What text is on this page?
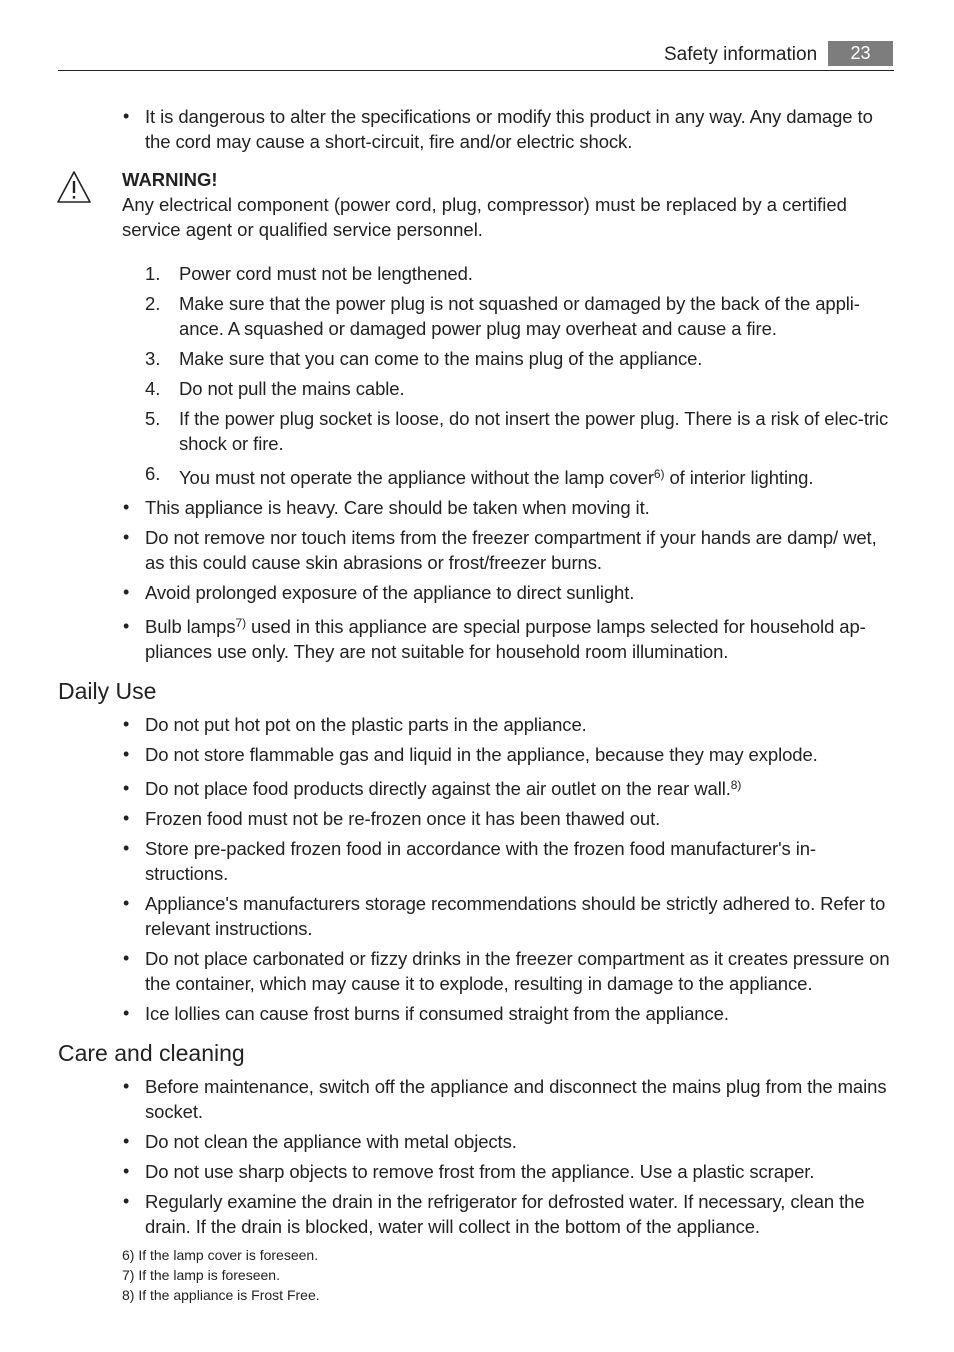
Safety information	23
• It is dangerous to alter the specifications or modify this product in any way. Any damage to the cord may cause a short-circuit, fire and/or electric shock.
WARNING!
Any electrical component (power cord, plug, compressor) must be replaced by a certified service agent or qualified service personnel.
1. Power cord must not be lengthened.
2. Make sure that the power plug is not squashed or damaged by the back of the appli-ance. A squashed or damaged power plug may overheat and cause a fire.
3. Make sure that you can come to the mains plug of the appliance.
4. Do not pull the mains cable.
5. If the power plug socket is loose, do not insert the power plug. There is a risk of elec-tric shock or fire.
6. You must not operate the appliance without the lamp cover$^{6)}$ of interior lighting.
• This appliance is heavy. Care should be taken when moving it.
• Do not remove nor touch items from the freezer compartment if your hands are damp/ wet, as this could cause skin abrasions or frost/freezer burns.
• Avoid prolonged exposure of the appliance to direct sunlight.
• Bulb lamps$^{7)}$ used in this appliance are special purpose lamps selected for household ap-pliances use only. They are not suitable for household room illumination.
Daily Use
• Do not put hot pot on the plastic parts in the appliance.
• Do not store flammable gas and liquid in the appliance, because they may explode.
• Do not place food products directly against the air outlet on the rear wall.$^{8)}$
• Frozen food must not be re-frozen once it has been thawed out.
• Store pre-packed frozen food in accordance with the frozen food manufacturer's in-structions.
• Appliance's manufacturers storage recommendations should be strictly adhered to. Refer to relevant instructions.
• Do not place carbonated or fizzy drinks in the freezer compartment as it creates pressure on the container, which may cause it to explode, resulting in damage to the appliance.
• Ice lollies can cause frost burns if consumed straight from the appliance.
Care and cleaning
• Before maintenance, switch off the appliance and disconnect the mains plug from the mains socket.
• Do not clean the appliance with metal objects.
• Do not use sharp objects to remove frost from the appliance. Use a plastic scraper.
• Regularly examine the drain in the refrigerator for defrosted water. If necessary, clean the drain. If the drain is blocked, water will collect in the bottom of the appliance.
6) If the lamp cover is foreseen.
7) If the lamp is foreseen.
8) If the appliance is Frost Free.
